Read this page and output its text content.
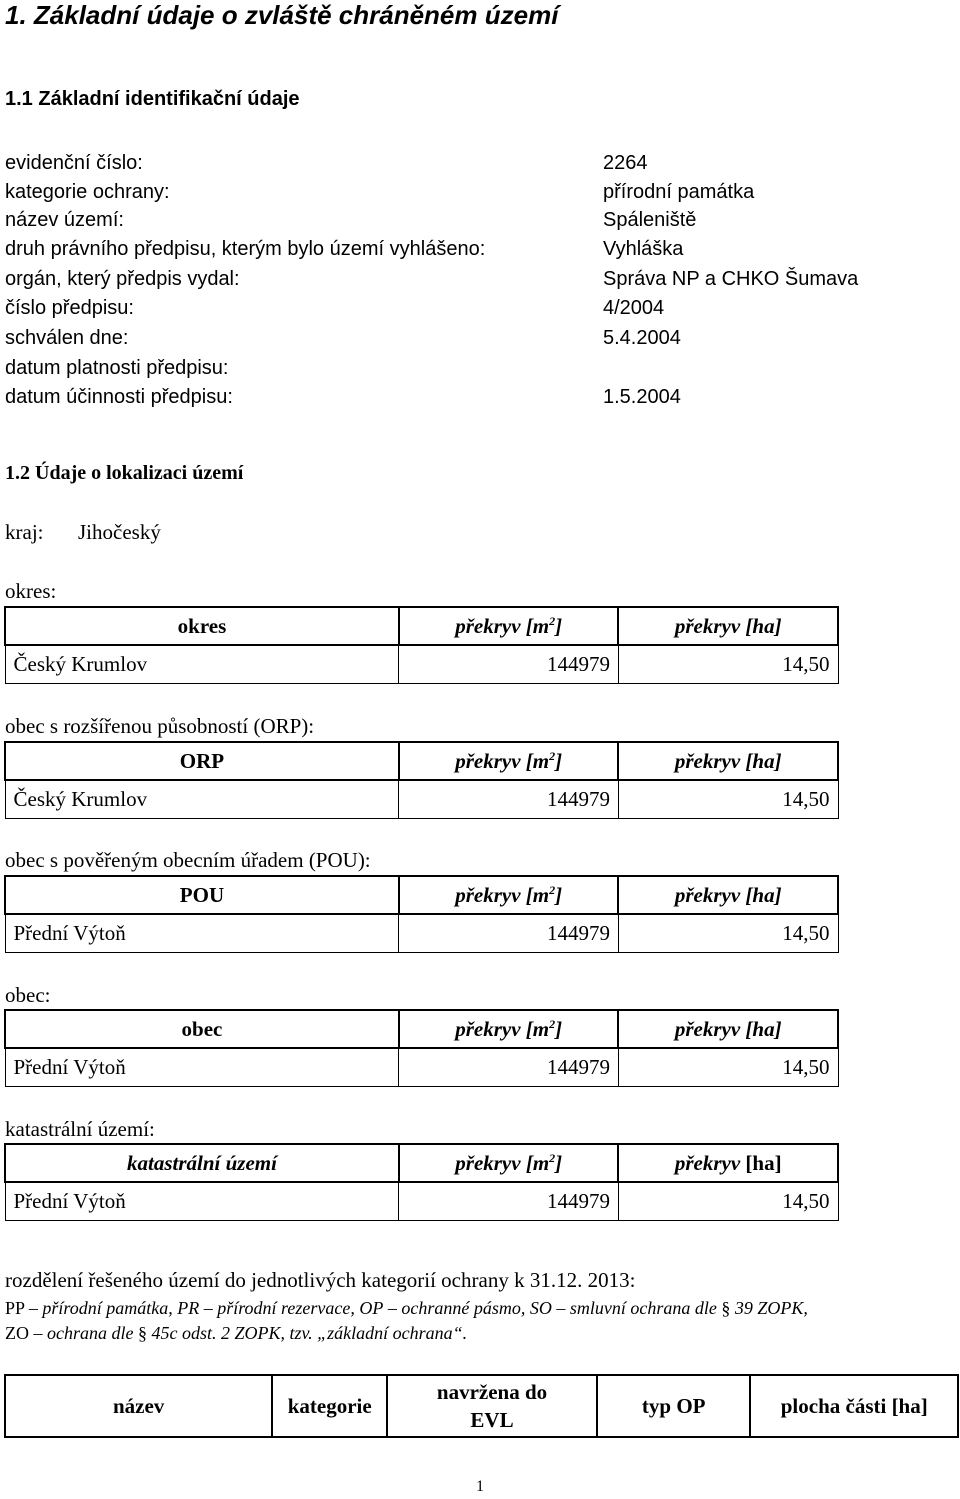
1. Základní údaje o zvláště chráněném území
1.1 Základní identifikační údaje
evidenční číslo:	2264
kategorie ochrany:	přírodní památka
název území:	Spáleniště
druh právního předpisu, kterým bylo území vyhlášeno:	Vyhláška
orgán, který předpis vydal:	Správa NP a CHKO Šumava
číslo předpisu:	4/2004
schválen dne:	5.4.2004
datum platnosti předpisu:
datum účinnosti předpisu:	1.5.2004
1.2 Údaje o lokalizaci území
kraj: Jihočeský
okres:
okres	překryv $[m^2]$	překryv [ha]
Český Krumlov	144979	14,50
obec s rozšířenou působností (ORP):
ORP	překryv $[m^2]$	překryv [ha]
Český Krumlov	144979	14,50
obec s pověřeným obecním úřadem (POU):
POU	překryv $[m^2]$	překryv [ha]
Přední Výtoň	144979	14,50
obec:
obec	překryv $[m^2]$	překryv [ha]
Přední Výtoň	144979	14,50
katastrální území:
katastrální území	překryv $[m^2]$	překryv [ha]
Přední Výtoň	144979	14,50
rozdělení řešeného území do jednotlivých kategorií ochrany k 31.12. 2013:
PP – přírodní památka, PR – přírodní rezervace, OP – ochranné pásmo, SO – smluvní ochrana dle § 39 ZOPK,
ZO – ochrana dle § 45c odst. 2 ZOPK, tzv. „základní ochrana“.
název	kategorie	navržena do EVL	typ OP	plocha části [ha]
1
